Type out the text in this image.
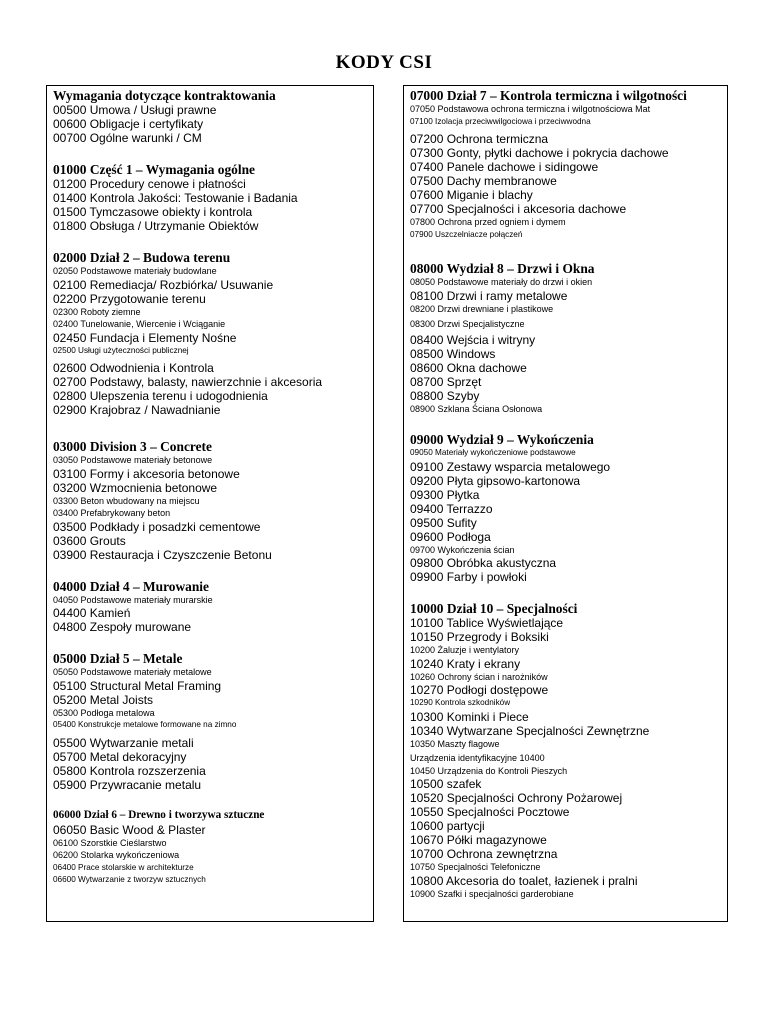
KODY CSI
Wymagania dotyczące kontraktowania
00500 Umowa / Usługi prawne
00600 Obligacje i certyfikaty
00700 Ogólne warunki / CM
01000 Część 1 – Wymagania ogólne
01200 Procedury cenowe i płatności
01400 Kontrola Jakości: Testowanie i Badania
01500 Tymczasowe obiekty i kontrola
01800 Obsługa / Utrzymanie Obiektów
02000 Dział 2 – Budowa terenu
02050 Podstawowe materiały budowlane
02100 Remediacja/ Rozbiórka/ Usuwanie
02200 Przygotowanie terenu
02300 Roboty ziemne
02400 Tunelowanie, Wiercenie i Wciąganie
02450 Fundacja i Elementy Nośne
02500 Usługi użyteczności publicznej
02600 Odwodnienia i Kontrola
02700 Podstawy, balasty, nawierzchnie i akcesoria
02800 Ulepszenia terenu i udogodnienia
02900 Krajobraz / Nawadnianie
03000 Division 3 – Concrete
03050 Podstawowe materiały betonowe
03100 Formy i akcesoria betonowe
03200 Wzmocnienia betonowe
03300 Beton wbudowany na miejscu
03400 Prefabrykowany beton
03500 Podkłady i posadzki cementowe
03600 Grouts
03900 Restauracja i Czyszczenie Betonu
04000 Dział 4 – Murowanie
04050 Podstawowe materiały murarskie
04400 Kamień
04800 Zespoły murowane
05000 Dział 5 – Metale
05050 Podstawowe materiały metalowe
05100 Structural Metal Framing
05200 Metal Joists
05300 Podłoga metalowa
05400 Konstrukcje metalowe formowane na zimno
05500 Wytwarzanie metali
05700 Metal dekoracyjny
05800 Kontrola rozszerzenia
05900 Przywracanie metalu
06000 Dział 6 – Drewno i tworzywa sztuczne
06050 Basic Wood & Plaster
06100 Szorstkie Cieślarstwo
06200 Stolarka wykończeniowa
06400 Prace stolarskie w architekturze
06600 Wytwarzanie z tworzyw sztucznych
07000 Dział 7 – Kontrola termiczna i wilgotności
07050 Podstawowa ochrona termiczna i wilgotnościowa Mat
07100 Izolacja przeciwwilgociowa i przeciwwodna
07200 Ochrona termiczna
07300 Gonty, płytki dachowe i pokrycia dachowe
07400 Panele dachowe i sidingowe
07500 Dachy membranowe
07600 Miganie i blachy
07700 Specjalności i akcesoria dachowe
07800 Ochrona przed ogniem i dymem
07900 Uszczelniacze połączeń
08000 Wydział 8 – Drzwi i Okna
08050 Podstawowe materiały do drzwi i okien
08100 Drzwi i ramy metalowe
08200 Drzwi drewniane i plastikowe
08300 Drzwi Specjalistyczne
08400 Wejścia i witryny
08500 Windows
08600 Okna dachowe
08700 Sprzęt
08800 Szyby
08900 Szklana Ściana Osłonowa
09000 Wydział 9 – Wykończenia
09050 Materiały wykończeniowe podstawowe
09100 Zestawy wsparcia metalowego
09200 Płyta gipsowo-kartonowa
09300 Płytka
09400 Terrazzo
09500 Sufity
09600 Podłoga
09700 Wykończenia ścian
09800 Obróbka akustyczna
09900 Farby i powłoki
10000 Dział 10 – Specjalności
10100 Tablice Wyświetlające
10150 Przegrody i Boksiki
10200 Żaluzje i wentylatory
10240 Kraty i ekrany
10260 Ochrony ścian i narożników
10270 Podłogi dostępowe
10290 Kontrola szkodników
10300 Kominki i Piece
10340 Wytwarzane Specjalności Zewnętrzne
10350 Maszty flagowe
Urządzenia identyfikacyjne 10400
10450 Urządzenia do Kontroli Pieszych
10500 szafek
10520 Specjalności Ochrony Pożarowej
10550 Specjalności Pocztowe
10600 partycji
10670 Półki magazynowe
10700 Ochrona zewnętrzna
10750 Specjalności Telefoniczne
10800 Akcesoria do toalet, łazienek i pralni
10900 Szafki i specjalności garderobiane
